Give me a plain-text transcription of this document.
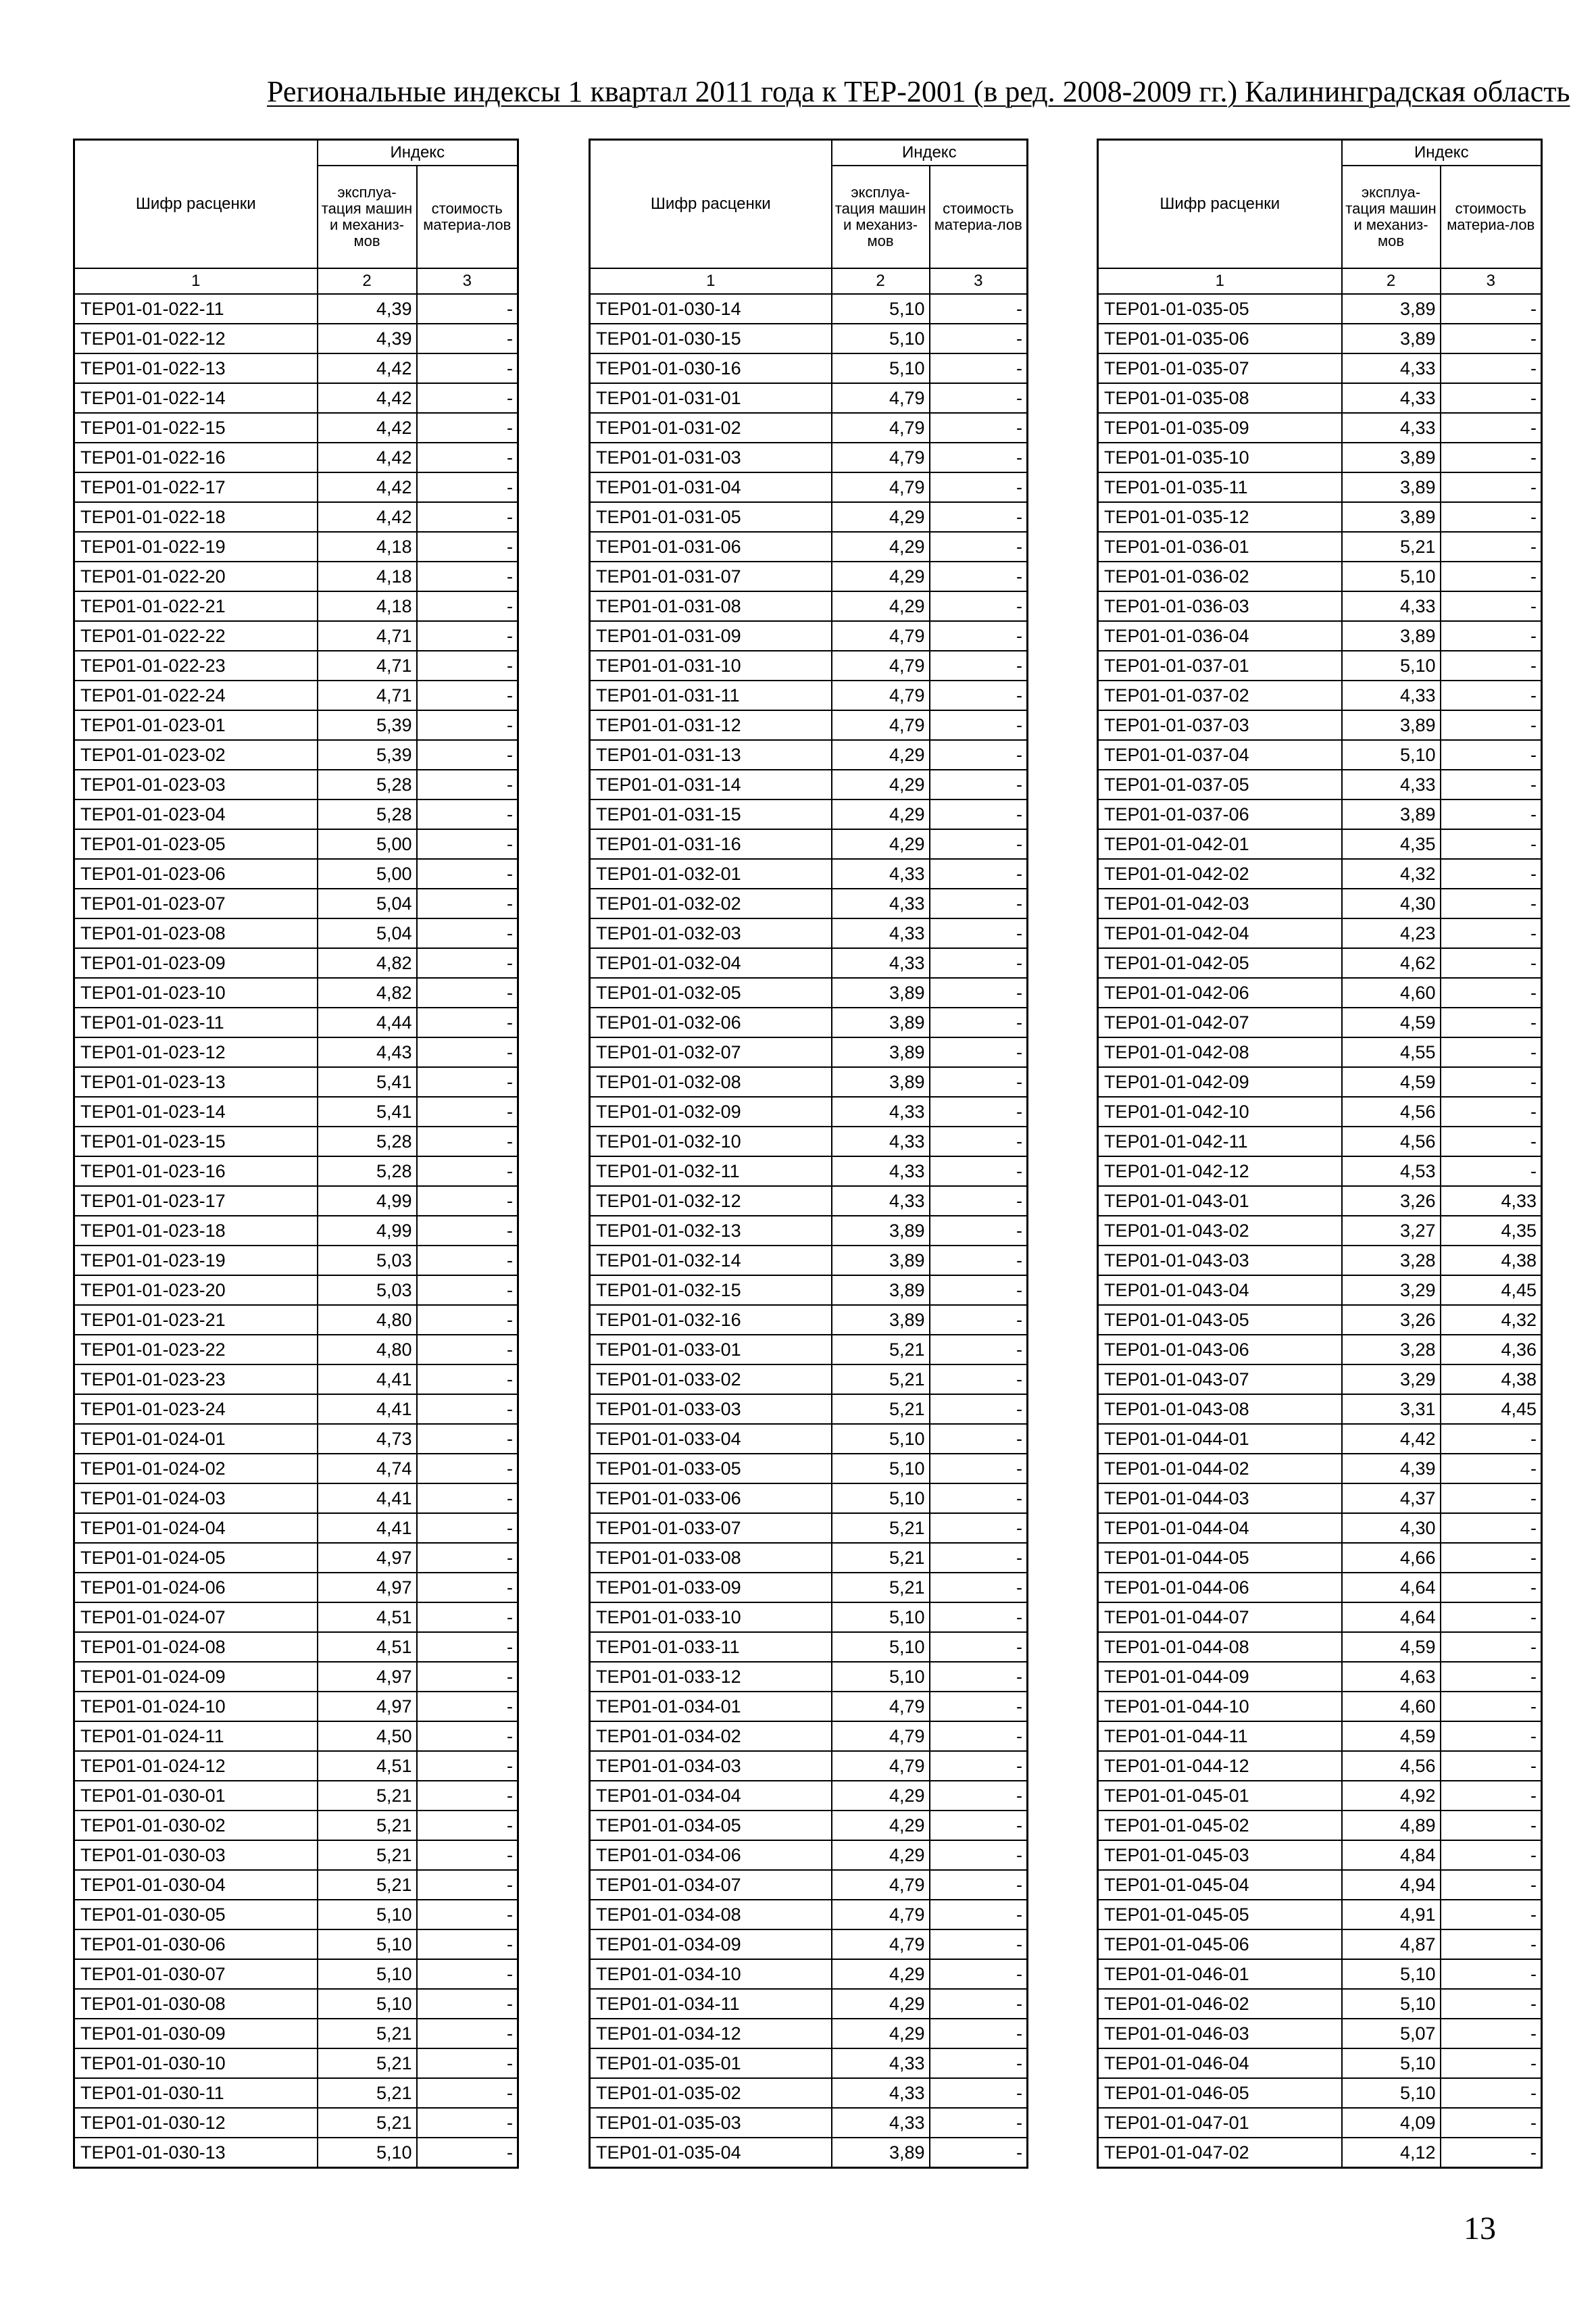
Региональные индексы 1 квартал 2011 года к ТЕР-2001 (в ред. 2008-2009 гг.) Калининградская область
Шифр расценки	Индекс	

	эксплуа-тация машин и механиз-мов	стоимость материа-лов

1	2	3
ТЕР01-01-022-11	4,39	-
ТЕР01-01-022-12	4,39	-
ТЕР01-01-022-13	4,42	-
ТЕР01-01-022-14	4,42	-
ТЕР01-01-022-15	4,42	-
ТЕР01-01-022-16	4,42	-
ТЕР01-01-022-17	4,42	-
ТЕР01-01-022-18	4,42	-
ТЕР01-01-022-19	4,18	-
ТЕР01-01-022-20	4,18	-
ТЕР01-01-022-21	4,18	-
ТЕР01-01-022-22	4,71	-
ТЕР01-01-022-23	4,71	-
ТЕР01-01-022-24	4,71	-
ТЕР01-01-023-01	5,39	-
ТЕР01-01-023-02	5,39	-
ТЕР01-01-023-03	5,28	-
ТЕР01-01-023-04	5,28	-
ТЕР01-01-023-05	5,00	-
ТЕР01-01-023-06	5,00	-
ТЕР01-01-023-07	5,04	-
ТЕР01-01-023-08	5,04	-
ТЕР01-01-023-09	4,82	-
ТЕР01-01-023-10	4,82	-
ТЕР01-01-023-11	4,44	-
ТЕР01-01-023-12	4,43	-
ТЕР01-01-023-13	5,41	-
ТЕР01-01-023-14	5,41	-
ТЕР01-01-023-15	5,28	-
ТЕР01-01-023-16	5,28	-
ТЕР01-01-023-17	4,99	-
ТЕР01-01-023-18	4,99	-
ТЕР01-01-023-19	5,03	-
ТЕР01-01-023-20	5,03	-
ТЕР01-01-023-21	4,80	-
ТЕР01-01-023-22	4,80	-
ТЕР01-01-023-23	4,41	-
ТЕР01-01-023-24	4,41	-
ТЕР01-01-024-01	4,73	-
ТЕР01-01-024-02	4,74	-
ТЕР01-01-024-03	4,41	-
ТЕР01-01-024-04	4,41	-
ТЕР01-01-024-05	4,97	-
ТЕР01-01-024-06	4,97	-
ТЕР01-01-024-07	4,51	-
ТЕР01-01-024-08	4,51	-
ТЕР01-01-024-09	4,97	-
ТЕР01-01-024-10	4,97	-
ТЕР01-01-024-11	4,50	-
ТЕР01-01-024-12	4,51	-
ТЕР01-01-030-01	5,21	-
ТЕР01-01-030-02	5,21	-
ТЕР01-01-030-03	5,21	-
ТЕР01-01-030-04	5,21	-
ТЕР01-01-030-05	5,10	-
ТЕР01-01-030-06	5,10	-
ТЕР01-01-030-07	5,10	-
ТЕР01-01-030-08	5,10	-
ТЕР01-01-030-09	5,21	-
ТЕР01-01-030-10	5,21	-
ТЕР01-01-030-11	5,21	-
ТЕР01-01-030-12	5,21	-
ТЕР01-01-030-13	5,10	-
Шифр расценки	Индекс	

	эксплуа-тация машин и механиз-мов	стоимость материа-лов

1	2	3
ТЕР01-01-030-14	5,10	-
ТЕР01-01-030-15	5,10	-
ТЕР01-01-030-16	5,10	-
ТЕР01-01-031-01	4,79	-
ТЕР01-01-031-02	4,79	-
ТЕР01-01-031-03	4,79	-
ТЕР01-01-031-04	4,79	-
ТЕР01-01-031-05	4,29	-
ТЕР01-01-031-06	4,29	-
ТЕР01-01-031-07	4,29	-
ТЕР01-01-031-08	4,29	-
ТЕР01-01-031-09	4,79	-
ТЕР01-01-031-10	4,79	-
ТЕР01-01-031-11	4,79	-
ТЕР01-01-031-12	4,79	-
ТЕР01-01-031-13	4,29	-
ТЕР01-01-031-14	4,29	-
ТЕР01-01-031-15	4,29	-
ТЕР01-01-031-16	4,29	-
ТЕР01-01-032-01	4,33	-
ТЕР01-01-032-02	4,33	-
ТЕР01-01-032-03	4,33	-
ТЕР01-01-032-04	4,33	-
ТЕР01-01-032-05	3,89	-
ТЕР01-01-032-06	3,89	-
ТЕР01-01-032-07	3,89	-
ТЕР01-01-032-08	3,89	-
ТЕР01-01-032-09	4,33	-
ТЕР01-01-032-10	4,33	-
ТЕР01-01-032-11	4,33	-
ТЕР01-01-032-12	4,33	-
ТЕР01-01-032-13	3,89	-
ТЕР01-01-032-14	3,89	-
ТЕР01-01-032-15	3,89	-
ТЕР01-01-032-16	3,89	-
ТЕР01-01-033-01	5,21	-
ТЕР01-01-033-02	5,21	-
ТЕР01-01-033-03	5,21	-
ТЕР01-01-033-04	5,10	-
ТЕР01-01-033-05	5,10	-
ТЕР01-01-033-06	5,10	-
ТЕР01-01-033-07	5,21	-
ТЕР01-01-033-08	5,21	-
ТЕР01-01-033-09	5,21	-
ТЕР01-01-033-10	5,10	-
ТЕР01-01-033-11	5,10	-
ТЕР01-01-033-12	5,10	-
ТЕР01-01-034-01	4,79	-
ТЕР01-01-034-02	4,79	-
ТЕР01-01-034-03	4,79	-
ТЕР01-01-034-04	4,29	-
ТЕР01-01-034-05	4,29	-
ТЕР01-01-034-06	4,29	-
ТЕР01-01-034-07	4,79	-
ТЕР01-01-034-08	4,79	-
ТЕР01-01-034-09	4,79	-
ТЕР01-01-034-10	4,29	-
ТЕР01-01-034-11	4,29	-
ТЕР01-01-034-12	4,29	-
ТЕР01-01-035-01	4,33	-
ТЕР01-01-035-02	4,33	-
ТЕР01-01-035-03	4,33	-
ТЕР01-01-035-04	3,89	-
Шифр расценки	Индекс	

	эксплуа-тация машин и механиз-мов	стоимость материа-лов

1	2	3
ТЕР01-01-035-05	3,89	-
ТЕР01-01-035-06	3,89	-
ТЕР01-01-035-07	4,33	-
ТЕР01-01-035-08	4,33	-
ТЕР01-01-035-09	4,33	-
ТЕР01-01-035-10	3,89	-
ТЕР01-01-035-11	3,89	-
ТЕР01-01-035-12	3,89	-
ТЕР01-01-036-01	5,21	-
ТЕР01-01-036-02	5,10	-
ТЕР01-01-036-03	4,33	-
ТЕР01-01-036-04	3,89	-
ТЕР01-01-037-01	5,10	-
ТЕР01-01-037-02	4,33	-
ТЕР01-01-037-03	3,89	-
ТЕР01-01-037-04	5,10	-
ТЕР01-01-037-05	4,33	-
ТЕР01-01-037-06	3,89	-
ТЕР01-01-042-01	4,35	-
ТЕР01-01-042-02	4,32	-
ТЕР01-01-042-03	4,30	-
ТЕР01-01-042-04	4,23	-
ТЕР01-01-042-05	4,62	-
ТЕР01-01-042-06	4,60	-
ТЕР01-01-042-07	4,59	-
ТЕР01-01-042-08	4,55	-
ТЕР01-01-042-09	4,59	-
ТЕР01-01-042-10	4,56	-
ТЕР01-01-042-11	4,56	-
ТЕР01-01-042-12	4,53	-
ТЕР01-01-043-01	3,26	4,33
ТЕР01-01-043-02	3,27	4,35
ТЕР01-01-043-03	3,28	4,38
ТЕР01-01-043-04	3,29	4,45
ТЕР01-01-043-05	3,26	4,32
ТЕР01-01-043-06	3,28	4,36
ТЕР01-01-043-07	3,29	4,38
ТЕР01-01-043-08	3,31	4,45
ТЕР01-01-044-01	4,42	-
ТЕР01-01-044-02	4,39	-
ТЕР01-01-044-03	4,37	-
ТЕР01-01-044-04	4,30	-
ТЕР01-01-044-05	4,66	-
ТЕР01-01-044-06	4,64	-
ТЕР01-01-044-07	4,64	-
ТЕР01-01-044-08	4,59	-
ТЕР01-01-044-09	4,63	-
ТЕР01-01-044-10	4,60	-
ТЕР01-01-044-11	4,59	-
ТЕР01-01-044-12	4,56	-
ТЕР01-01-045-01	4,92	-
ТЕР01-01-045-02	4,89	-
ТЕР01-01-045-03	4,84	-
ТЕР01-01-045-04	4,94	-
ТЕР01-01-045-05	4,91	-
ТЕР01-01-045-06	4,87	-
ТЕР01-01-046-01	5,10	-
ТЕР01-01-046-02	5,10	-
ТЕР01-01-046-03	5,07	-
ТЕР01-01-046-04	5,10	-
ТЕР01-01-046-05	5,10	-
ТЕР01-01-047-01	4,09	-
ТЕР01-01-047-02	4,12	-
13
